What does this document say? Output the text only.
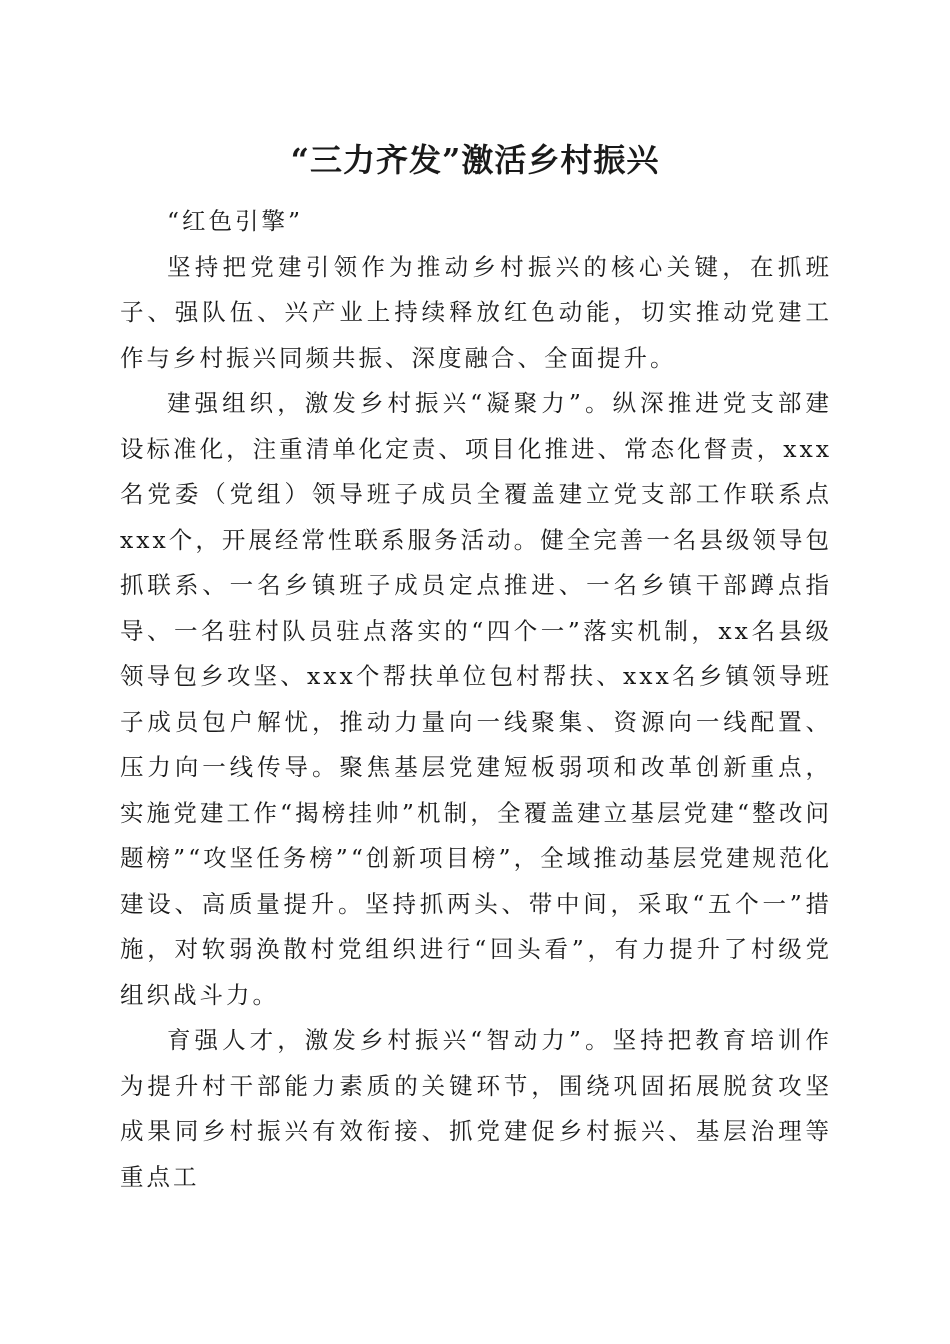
“三力齐发”激活乡村振兴

“红色引擎”

坚持把党建引领作为推动乡村振兴的核心关键，在抓班子、强队伍、兴产业上持续释放红色动能，切实推动党建工作与乡村振兴同频共振、深度融合、全面提升。

建强组织，激发乡村振兴“凝聚力”。纵深推进党支部建设标准化，注重清单化定责、项目化推进、常态化督责，xxx名党委（党组）领导班子成员全覆盖建立党支部工作联系点xxx个，开展经常性联系服务活动。健全完善一名县级领导包抓联系、一名乡镇班子成员定点推进、一名乡镇干部蹲点指导、一名驻村队员驻点落实的“四个一”落实机制，xx名县级领导包乡攻坚、xxx个帮扶单位包村帮扶、xxx名乡镇领导班子成员包户解忧，推动力量向一线聚集、资源向一线配置、压力向一线传导。聚焦基层党建短板弱项和改革创新重点，实施党建工作“揭榜挂帅”机制，全覆盖建立基层党建“整改问题榜”“攻坚任务榜”“创新项目榜”，全域推动基层党建规范化建设、高质量提升。坚持抓两头、带中间，采取“五个一”措施，对软弱涣散村党组织进行“回头看”，有力提升了村级党组织战斗力。

育强人才，激发乡村振兴“智动力”。坚持把教育培训作为提升村干部能力素质的关键环节，围绕巩固拓展脱贫攻坚成果同乡村振兴有效衔接、抓党建促乡村振兴、基层治理等重点工
